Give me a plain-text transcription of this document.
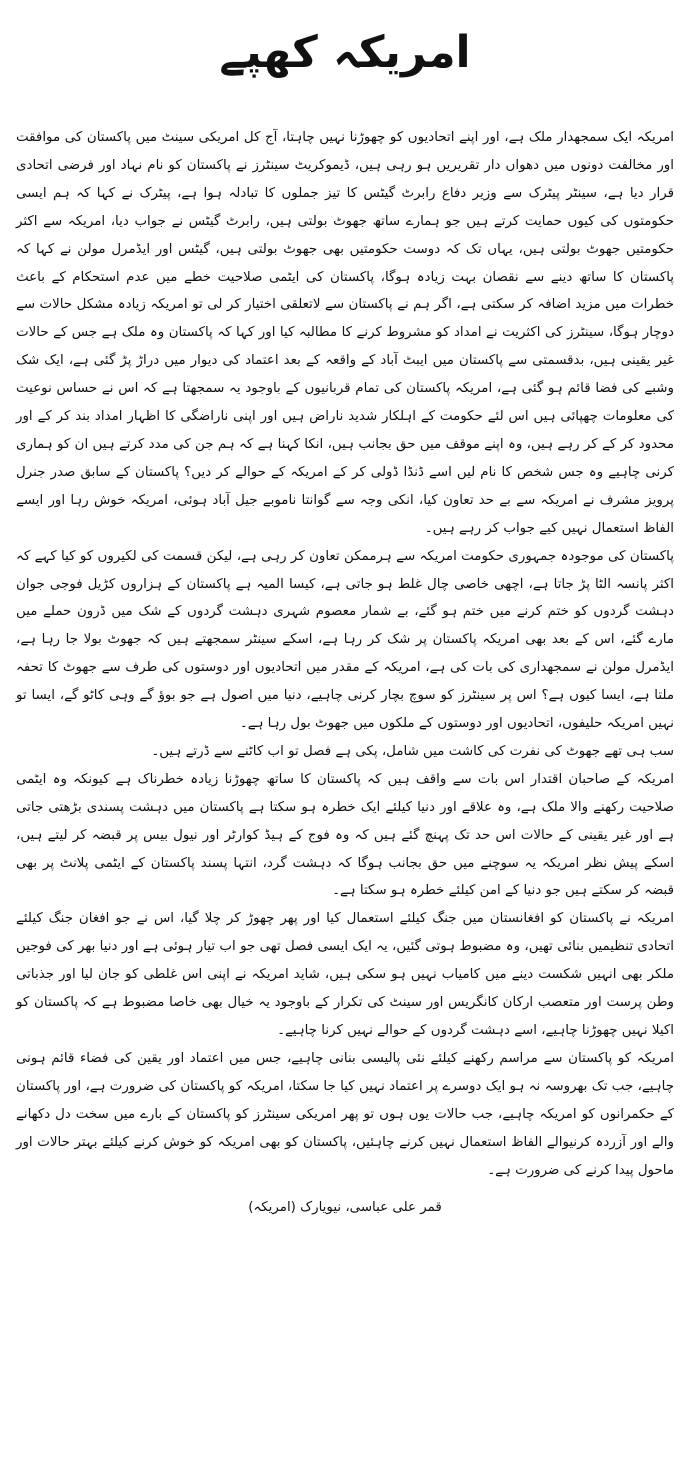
امریکہ کھپے

امریکہ ایک سمجھدار ملک ہے، اور اپنے اتحادیوں کو چھوڑنا نہیں چاہتا، آج کل امریکی سینٹ میں پاکستان کی موافقت اور مخالفت دونوں میں دھواں دار تقریریں ہو رہی ہیں، ڈیموکریٹ سینٹرز نے پاکستان کو نام نہاد اور فرضی اتحادی قرار دیا ہے، سینٹر پیٹرک سے وزیر دفاع رابرٹ گیٹس کا تیز جملوں کا تبادلہ ہوا ہے، پیٹرک نے کہا کہ ہم ایسی حکومتوں کی کیوں حمایت کرتے ہیں جو ہمارے ساتھ جھوٹ بولتی ہیں، رابرٹ گیٹس نے جواب دیا، امریکہ سے اکثر حکومتیں جھوٹ بولتی ہیں، یہاں تک کہ دوست حکومتیں بھی جھوٹ بولتی ہیں، گیٹس اور ایڈمرل مولن نے کہا کہ پاکستان کا ساتھ دینے سے نقصان بہت زیادہ ہوگا، پاکستان کی ایٹمی صلاحیت خطے میں عدم استحکام کے باعث خطرات میں مزید اضافہ کر سکتی ہے، اگر ہم نے پاکستان سے لاتعلقی اختیار کر لی تو امریکہ زیادہ مشکل حالات سے دوچار ہوگا، سینٹرز کی اکثریت نے امداد کو مشروط کرنے کا مطالبہ کیا اور کہا کہ پاکستان وہ ملک ہے جس کے حالات غیر یقینی ہیں، بدقسمتی سے پاکستان میں ایبٹ آباد کے واقعہ کے بعد اعتماد کی دیوار میں دراڑ پڑ گئی ہے، ایک شک وشبے کی فضا قائم ہو گئی ہے، امریکہ پاکستان کی تمام قربانیوں کے باوجود یہ سمجھتا ہے کہ اس نے حساس نوعیت کی معلومات چھپائی ہیں اس لئے حکومت کے اہلکار شدید ناراض ہیں اور اپنی ناراضگی کا اظہار امداد بند کر کے اور محدود کر کے کر رہے ہیں، وہ اپنے موقف میں حق بجانب ہیں، انکا کہنا ہے کہ ہم جن کی مدد کرتے ہیں ان کو ہماری کرنی چاہیے وہ جس شخص کا نام لیں اسے ڈنڈا ڈولی کر کے امریکہ کے حوالے کر دیں؟ پاکستان کے سابق صدر جنرل پرویز مشرف نے امریکہ سے بے حد تعاون کیا، انکی وجہ سے گوانتا ناموبے جیل آباد ہوئی، امریکہ خوش رہا اور ایسے الفاظ استعمال نہیں کیے جواب کر رہے ہیں۔

پاکستان کی موجودہ جمہوری حکومت امریکہ سے ہرممکن تعاون کر رہی ہے، لیکن قسمت کی لکیروں کو کیا کہے کہ اکثر پانسہ الٹا پڑ جاتا ہے، اچھی خاصی چال غلط ہو جاتی ہے، کیسا المیہ ہے پاکستان کے ہزاروں کڑیل فوجی جوان دہشت گردوں کو ختم کرنے میں ختم ہو گئے، بے شمار معصوم شہری دہشت گردوں کے شک میں ڈرون حملے میں مارے گئے، اس کے بعد بھی امریکہ پاکستان پر شک کر رہا ہے، اسکے سینٹر سمجھتے ہیں کہ جھوٹ بولا جا رہا ہے، ایڈمرل مولن نے سمجھداری کی بات کی ہے، امریکہ کے مقدر میں اتحادیوں اور دوستوں کی طرف سے جھوٹ کا تحفہ ملتا ہے، ایسا کیوں ہے؟ اس پر سینٹرز کو سوچ بچار کرنی چاہیے، دنیا میں اصول ہے جو بوؤ گے وہی کاٹو گے، ایسا تو نہیں امریکہ حلیفوں، اتحادیوں اور دوستوں کے ملکوں میں جھوٹ بول رہا ہے۔

سب ہی تھے جھوٹ کی نفرت کی کاشت میں شامل، پکی ہے فصل تو اب کاٹنے سے ڈرتے ہیں۔

امریکہ کے صاحبان اقتدار اس بات سے واقف ہیں کہ پاکستان کا ساتھ چھوڑنا زیادہ خطرناک ہے کیونکہ وہ ایٹمی صلاحیت رکھنے والا ملک ہے، وہ علاقے اور دنیا کیلئے ایک خطرہ ہو سکتا ہے پاکستان میں دہشت پسندی بڑھتی جاتی ہے اور غیر یقینی کے حالات اس حد تک پہنچ گئے ہیں کہ وہ فوج کے ہیڈ کوارٹر اور نیول بیس پر قبضہ کر لیتے ہیں، اسکے پیش نظر امریکہ یہ سوچنے میں حق بجانب ہوگا کہ دہشت گرد، انتہا پسند پاکستان کے ایٹمی پلانٹ پر بھی قبضہ کر سکتے ہیں جو دنیا کے امن کیلئے خطرہ ہو سکتا ہے۔

امریکہ نے پاکستان کو افغانستان میں جنگ کیلئے استعمال کیا اور پھر چھوڑ کر چلا گیا، اس نے جو افغان جنگ کیلئے اتحادی تنظیمیں بنائی تھیں، وہ مضبوط ہوتی گئیں، یہ ایک ایسی فصل تھی جو اب تیار ہوئی ہے اور دنیا بھر کی فوجیں ملکر بھی انہیں شکست دینے میں کامیاب نہیں ہو سکی ہیں، شاید امریکہ نے اپنی اس غلطی کو جان لیا اور جذباتی وطن پرست اور متعصب ارکان کانگریس اور سینٹ کی تکرار کے باوجود یہ خیال بھی خاصا مضبوط ہے کہ پاکستان کو اکیلا نہیں چھوڑنا چاہیے، اسے دہشت گردوں کے حوالے نہیں کرنا چاہیے۔

امریکہ کو پاکستان سے مراسم رکھنے کیلئے نئی پالیسی بنانی چاہیے، جس میں اعتماد اور یقین کی فضاء قائم ہونی چاہیے، جب تک بھروسہ نہ ہو ایک دوسرے پر اعتماد نہیں کیا جا سکتا، امریکہ کو پاکستان کی ضرورت ہے، اور پاکستان کے حکمرانوں کو امریکہ چاہیے، جب حالات یوں ہوں تو پھر امریکی سینٹرز کو پاکستان کے بارے میں سخت دل دکھانے والے اور آزردہ کرنیوالے الفاظ استعمال نہیں کرنے چاہئیں، پاکستان کو بھی امریکہ کو خوش کرنے کیلئے بہتر حالات اور ماحول پیدا کرنے کی ضرورت ہے۔

قمر علی عباسی، نیویارک (امریکہ)
